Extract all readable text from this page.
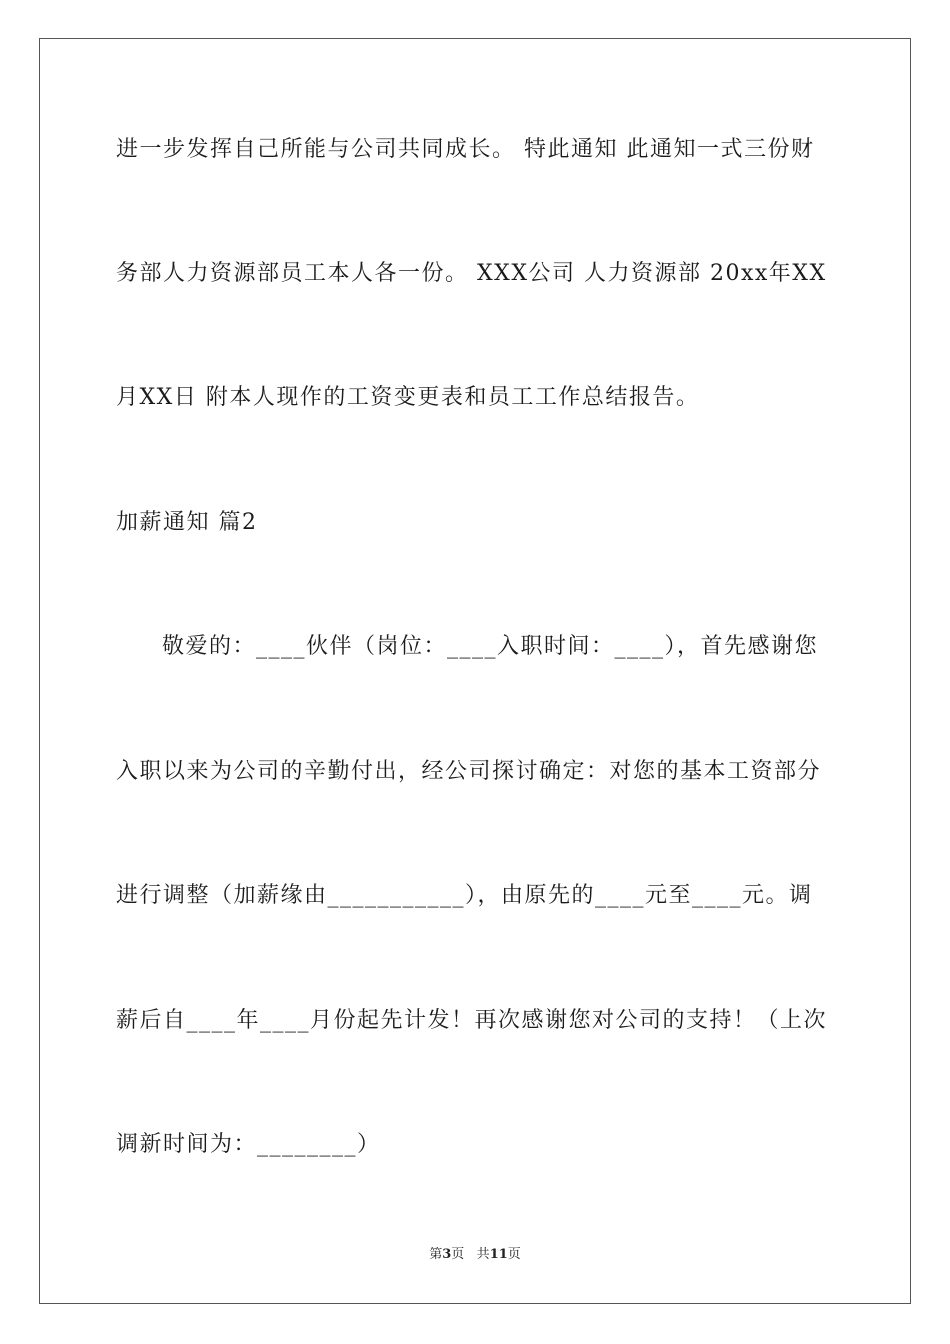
进一步发挥自己所能与公司共同成长。 特此通知 此通知一式三份财
务部人力资源部员工本人各一份。 XXX公司 人力资源部 20xx年XX
月XX日 附本人现作的工资变更表和员工工作总结报告。
加薪通知 篇2
敬爱的：____伙伴（岗位：____入职时间：____），首先感谢您
入职以来为公司的辛勤付出，经公司探讨确定：对您的基本工资部分
进行调整（加薪缘由___________），由原先的____元至____元。调
薪后自____年____月份起先计发！再次感谢您对公司的支持！（上次
调新时间为：________）
第3页 共11页
